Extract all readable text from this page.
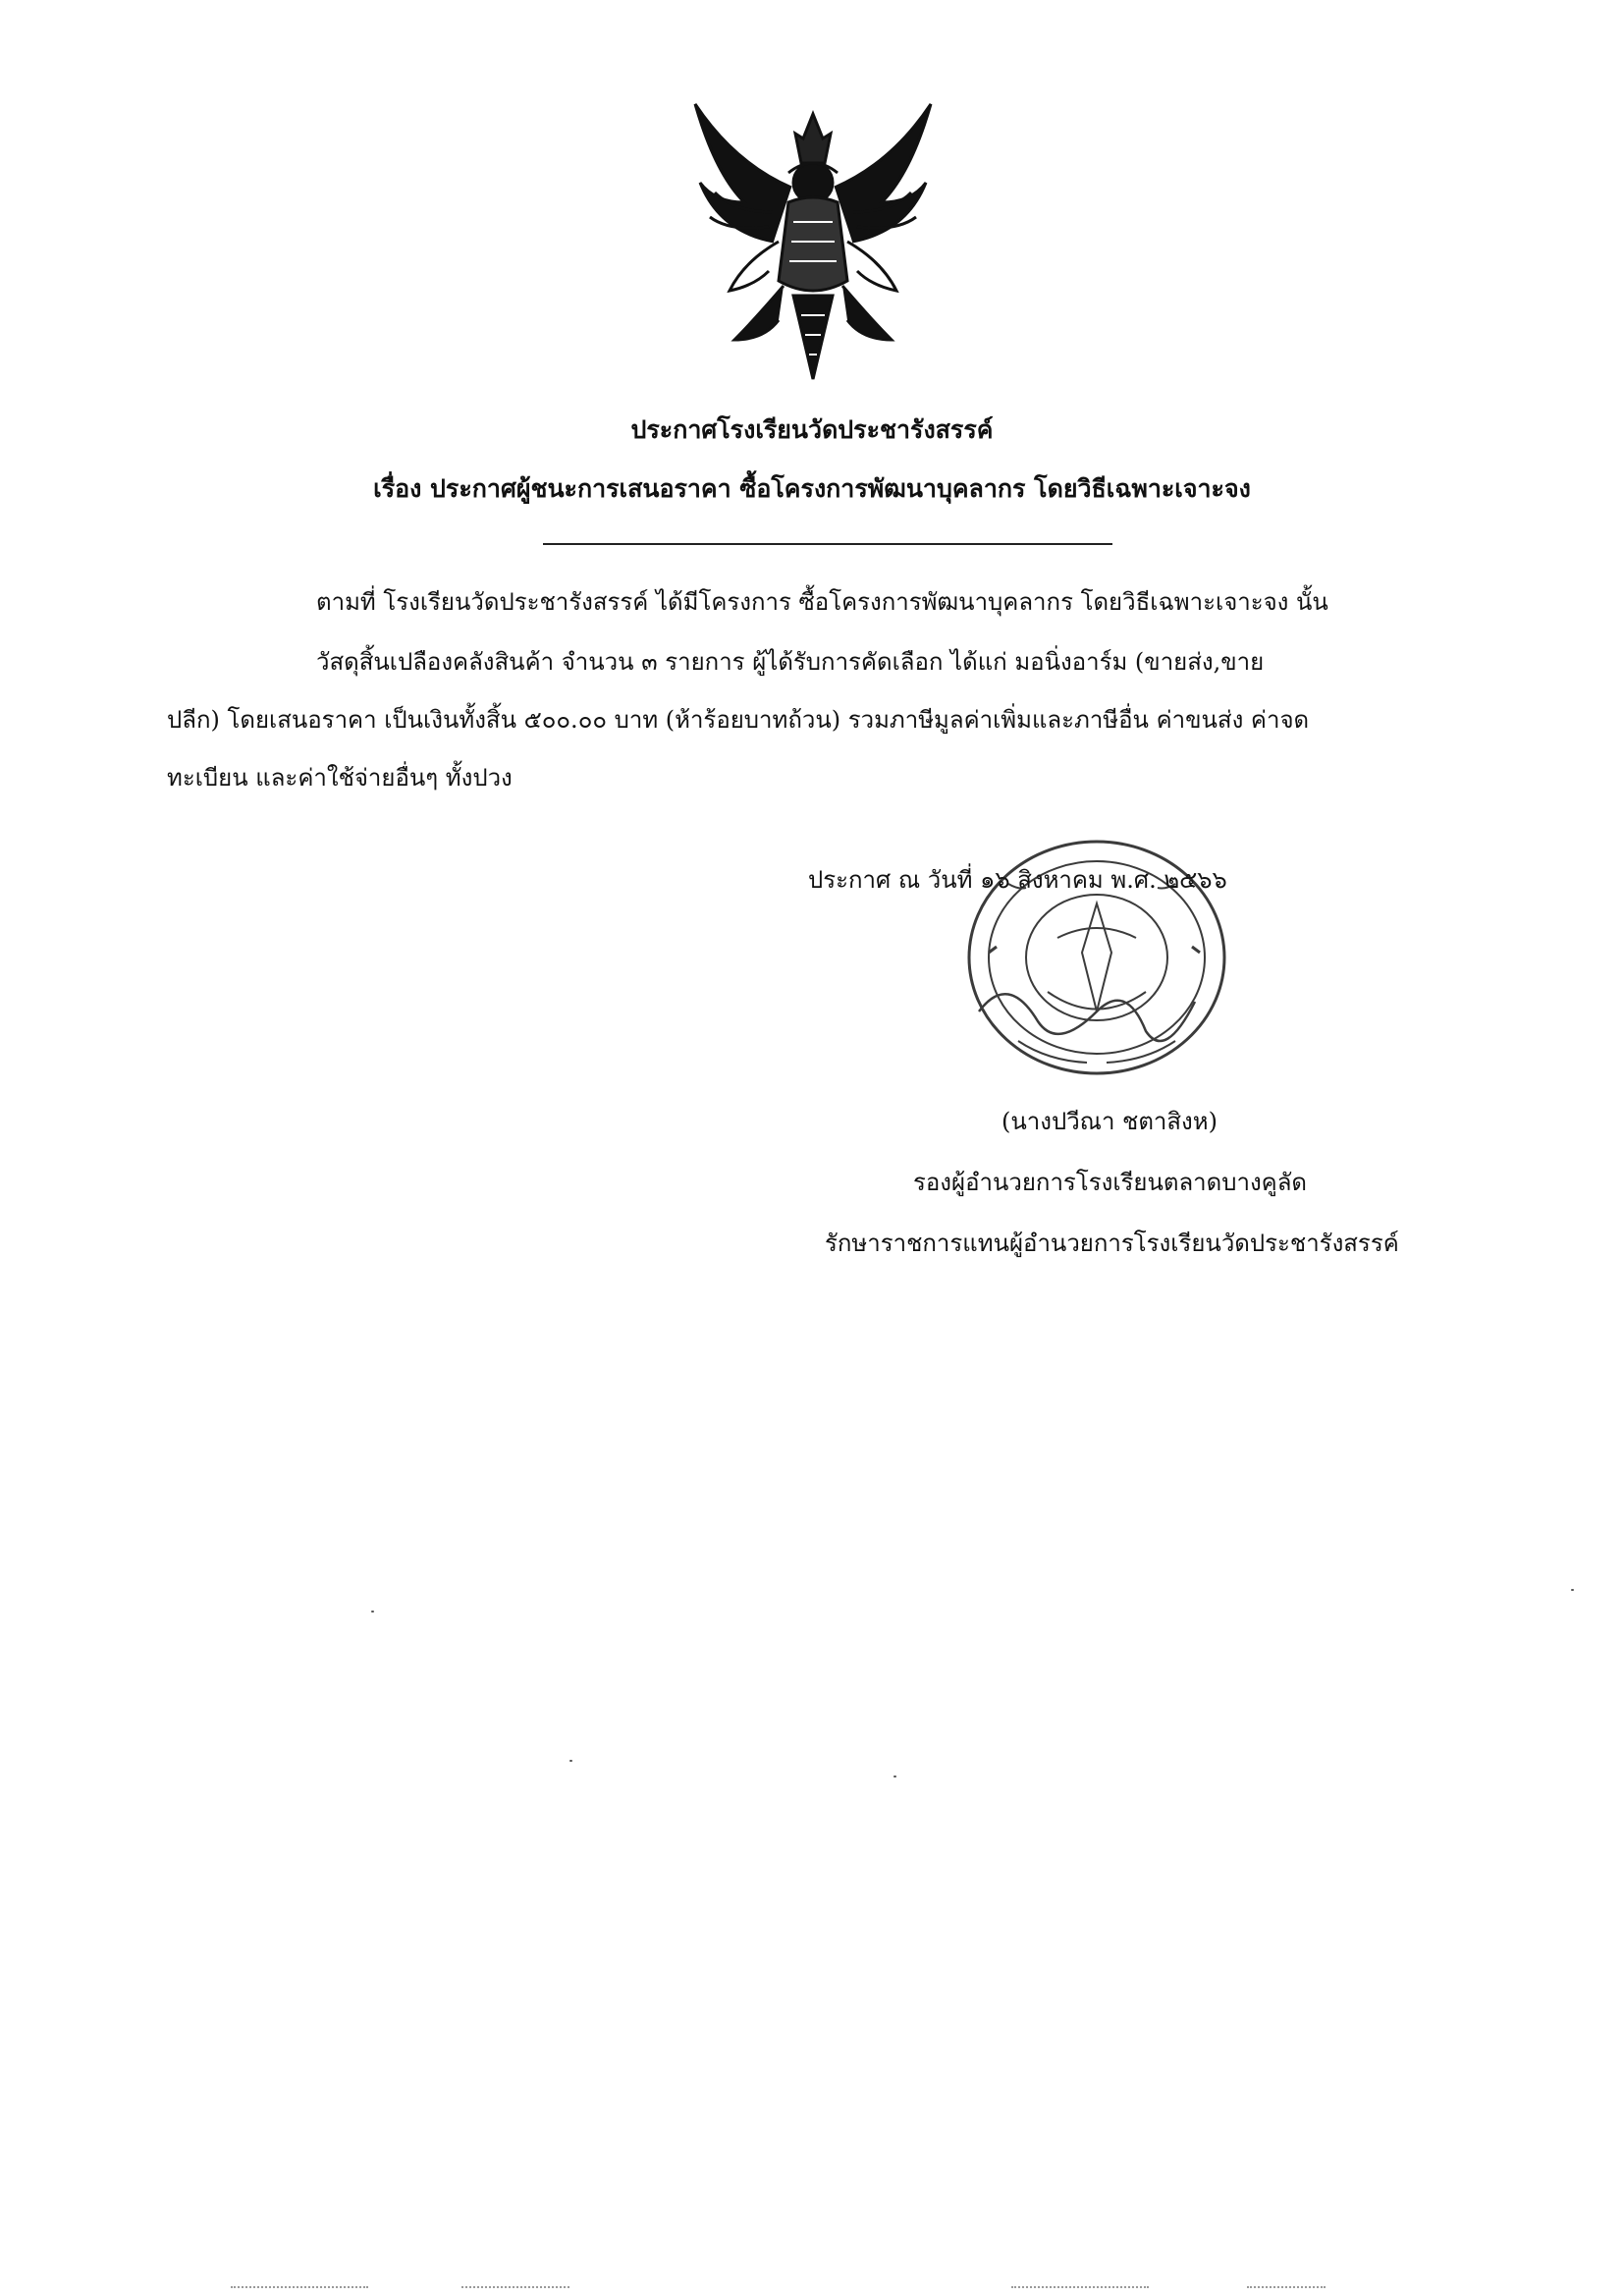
ประกาศโรงเรียนวัดประชารังสรรค์
เรื่อง ประกาศผู้ชนะการเสนอราคา ซื้อโครงการพัฒนาบุคลากร โดยวิธีเฉพาะเจาะจง
ตามที่ โรงเรียนวัดประชารังสรรค์ ได้มีโครงการ ซื้อโครงการพัฒนาบุคลากร โดยวิธีเฉพาะเจาะจง นั้น
วัสดุสิ้นเปลืองคลังสินค้า จำนวน ๓ รายการ ผู้ได้รับการคัดเลือก ได้แก่ มอนิ่งอาร์ม (ขายส่ง,ขาย
ปลีก) โดยเสนอราคา เป็นเงินทั้งสิ้น ๕๐๐.๐๐ บาท (ห้าร้อยบาทถ้วน) รวมภาษีมูลค่าเพิ่มและภาษีอื่น ค่าขนส่ง ค่าจด
ทะเบียน และค่าใช้จ่ายอื่นๆ ทั้งปวง
ประกาศ ณ วันที่ ๑๖ สิงหาคม พ.ศ. ๒๕๖๖
(นางปวีณา ชตาสิงห)
รองผู้อำนวยการโรงเรียนตลาดบางคูลัด
รักษาราชการแทนผู้อำนวยการโรงเรียนวัดประชารังสรรค์
